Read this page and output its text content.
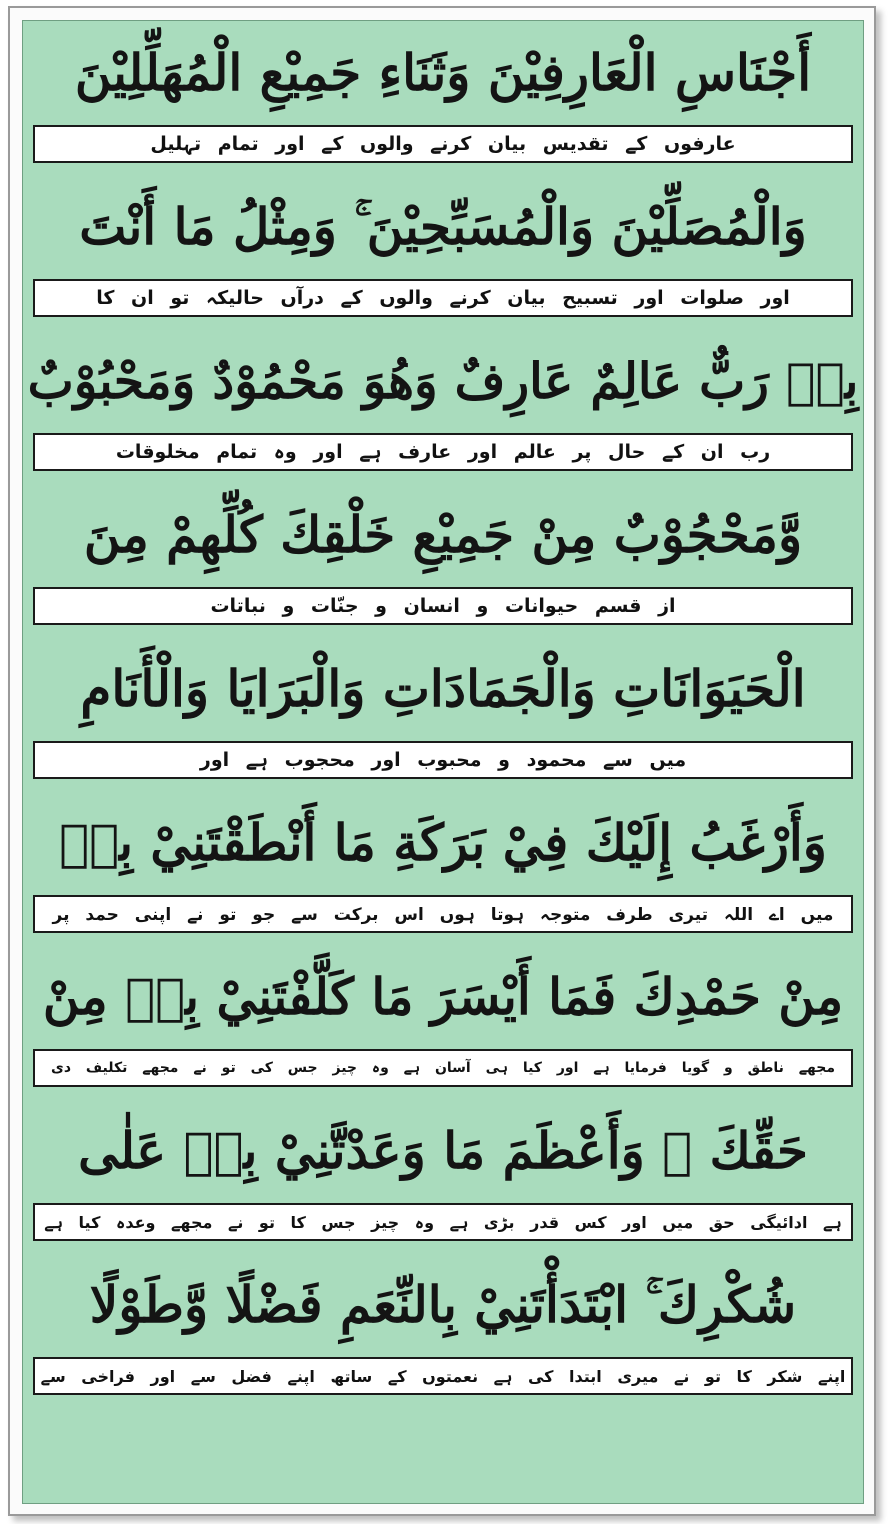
أَجْنَاسِ الْعَارِفِيْنَ وَثَنَاءِ جَمِيْعِ الْمُهَلِّلِيْنَ
عارفوں کے تقدیس بیان کرنے والوں کے اور تمام تہلیل
وَالْمُصَلِّيْنَ وَالْمُسَبِّحِيْنَ ۚ وَمِثْلُ مَا أَنْتَ
اور صلوات اور تسبیح بیان کرنے والوں کے درآں حالیکہ تو ان کا
بِهٖ رَبٌّ عَالِمٌ عَارِفٌ وَهُوَ مَحْمُوْدٌ وَمَحْبُوْبٌ
رب ان کے حال پر عالم اور عارف ہے اور وہ تمام مخلوقات
وَّمَحْجُوْبٌ مِنْ جَمِيْعِ خَلْقِكَ كُلِّهِمْ مِنَ
از قسم حیوانات و انسان و جنّات و نباتات
الْحَيَوَانَاتِ وَالْجَمَادَاتِ وَالْبَرَايَا وَالْأَنَامِ
میں سے محمود و محبوب اور محجوب ہے اور
وَأَرْغَبُ إِلَيْكَ فِيْ بَرَكَةِ مَا أَنْطَقْتَنِيْ بِهٖ
میں اے اللہ تیری طرف متوجہ ہوتا ہوں اس برکت سے جو تو نے اپنی حمد پر
مِنْ حَمْدِكَ فَمَا أَيْسَرَ مَا كَلَّفْتَنِيْ بِهٖ مِنْ
مجھے ناطق و گویا فرمایا ہے اور کیا ہی آسان ہے وہ چیز جس کی تو نے مجھے تکلیف دی
حَقِّكَ ۚ وَأَعْظَمَ مَا وَعَدْتَّنِيْ بِهٖ عَلٰى
ہے ادائیگی حق میں اور کس قدر بڑی ہے وہ چیز جس کا تو نے مجھے وعدہ کیا ہے
شُكْرِكَ ۚ ابْتَدَأْتَنِيْ بِالنِّعَمِ فَضْلًا وَّطَوْلًا
اپنے شکر کا تو نے میری ابتدا کی ہے نعمتوں کے ساتھ اپنے فضل سے اور فراخی سے
